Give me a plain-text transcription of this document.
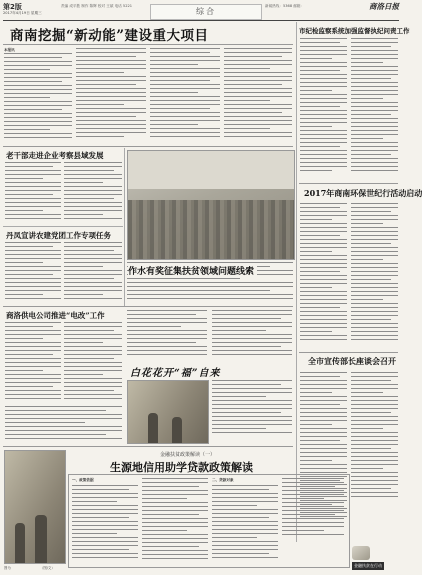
第2版	责编 成平胜 制作 陈辉 校对 王斌 电话 5221	新闻热线：5368 邮箱：	商洛日报
2017年4月19日 星期三	综合
商南挖掘“新动能”建设重大项目
本报讯
市纪检监察系统加强监督执纪问责工作
2017年商南环保世纪行活动启动
全市宣传部长座谈会召开
金融扶贫在行动
老干部走进企业考察县域发展
丹凤宣讲农建党团工作专项任务
作水有奖征集扶贫领域问题线索
商洛供电公司推进“电改”工作
白花花开“福”自来
图为	（图/文）
金融扶贫政策解读（一）
生源地信用助学贷款政策解读
一、政策依据	二、贷款对象
